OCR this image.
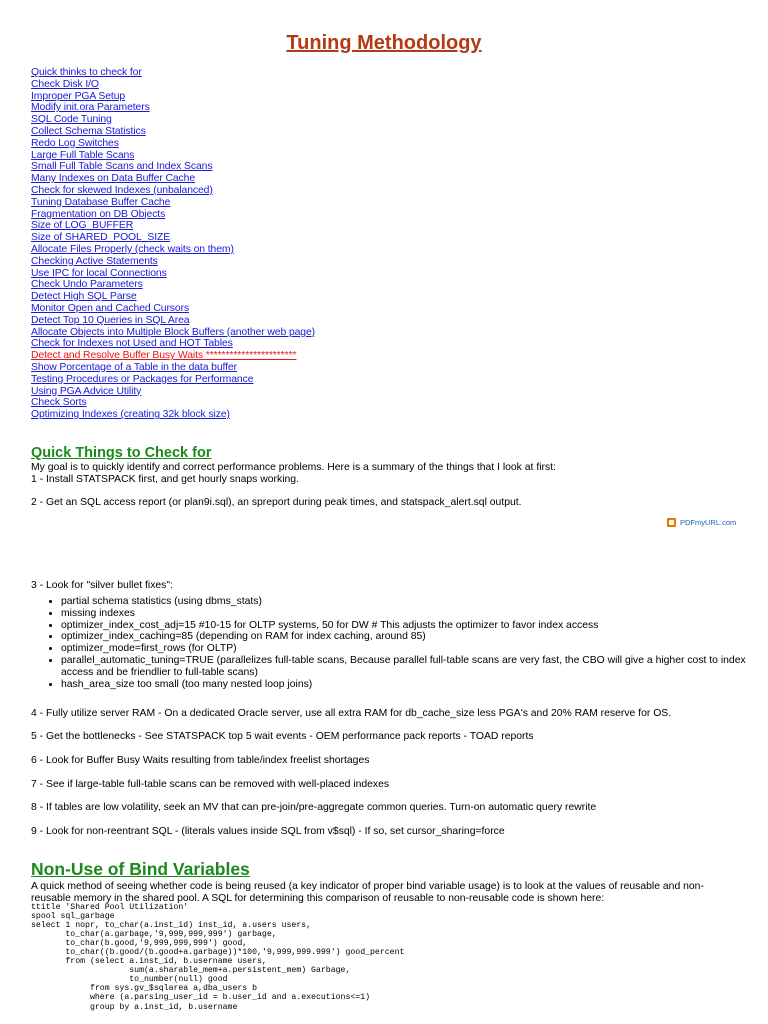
Tuning Methodology
Quick thinks to check for
Check Disk I/O
Improper PGA Setup
Modify init.ora Parameters
SQL Code Tuning
Collect Schema Statistics
Redo Log Switches
Large Full Table Scans
Small Full Table Scans and Index Scans
Many Indexes on Data Buffer Cache
Check for skewed Indexes (unbalanced)
Tuning Database Buffer Cache
Fragmentation on DB Objects
Size of LOG_BUFFER
Size of SHARED_POOL_SIZE
Allocate Files Properly (check waits on them)
Checking Active Statements
Use IPC for local Connections
Check Undo Parameters
Detect High SQL Parse
Monitor Open and Cached Cursors
Detect Top 10 Queries in SQL Area
Allocate Objects into Multiple Block Buffers (another web page)
Check for Indexes not Used and HOT Tables
Detect and Resolve Buffer Busy Waits ***********************
Show Porcentage of a Table in the data buffer
Testing Procedures or Packages for Performance
Using PGA Advice Utility
Check Sorts
Optimizing Indexes (creating 32k block size)
Quick Things to Check for

My goal is to quickly identify and correct performance problems. Here is a summary of the things that I look at first:

1 - Install STATSPACK first, and get hourly snaps working.

2 - Get an SQL access report (or plan9i.sql), an spreport during peak times, and statspack_alert.sql output.

PDFmyURL.com

3 - Look for "silver bullet fixes":

• partial schema statistics (using dbms_stats)
• missing indexes
• optimizer_index_cost_adj=15 #10-15 for OLTP systems, 50 for DW # This adjusts the optimizer to favor index access
• optimizer_index_caching=85 (depending on RAM for index caching, around 85)
• optimizer_mode=first_rows (for OLTP)
• parallel_automatic_tuning=TRUE (parallelizes full-table scans, Because parallel full-table scans are very fast, the CBO will give a higher cost to index access and be friendlier to full-table scans)
• hash_area_size too small (too many nested loop joins)

4 - Fully utilize server RAM - On a dedicated Oracle server, use all extra RAM for db_cache_size less PGA's and 20% RAM reserve for OS.

5 - Get the bottlenecks - See STATSPACK top 5 wait events - OEM performance pack reports - TOAD reports

6 - Look for Buffer Busy Waits resulting from table/index freelist shortages

7 - See if large-table full-table scans can be removed with well-placed indexes

8 - If tables are low volatility, seek an MV that can pre-join/pre-aggregate common queries. Turn-on automatic query rewrite

9 - Look for non-reentrant SQL - (literals values inside SQL from v$sql) - If so, set cursor_sharing=force

Non-Use of Bind Variables

A quick method of seeing whether code is being reused (a key indicator of proper bind variable usage) is to look at the values of reusable and non-reusable memory in the shared pool. A SQL for determining this comparison of reusable to non-reusable code is shown here:

ttitle 'Shared Pool Utilization'
spool sql_garbage
select 1 nopr, to_char(a.inst_id) inst_id, a.users users,
to_char(a.garbage,'9,999,999,999') garbage,
to_char(b.good,'9,999,999,999') good,
to_char((b.good/(b.good+a.garbage))*100,'9,999,999.999') good_percent
from (select a.inst_id, b.username users,
sum(a.sharable_mem+a.persistent_mem) Garbage,
to_number(null) good
from sys.gv_$sqlarea a,dba_users b
where (a.parsing_user_id = b.user_id and a.executions<=1)
group by a.inst_id, b.username
